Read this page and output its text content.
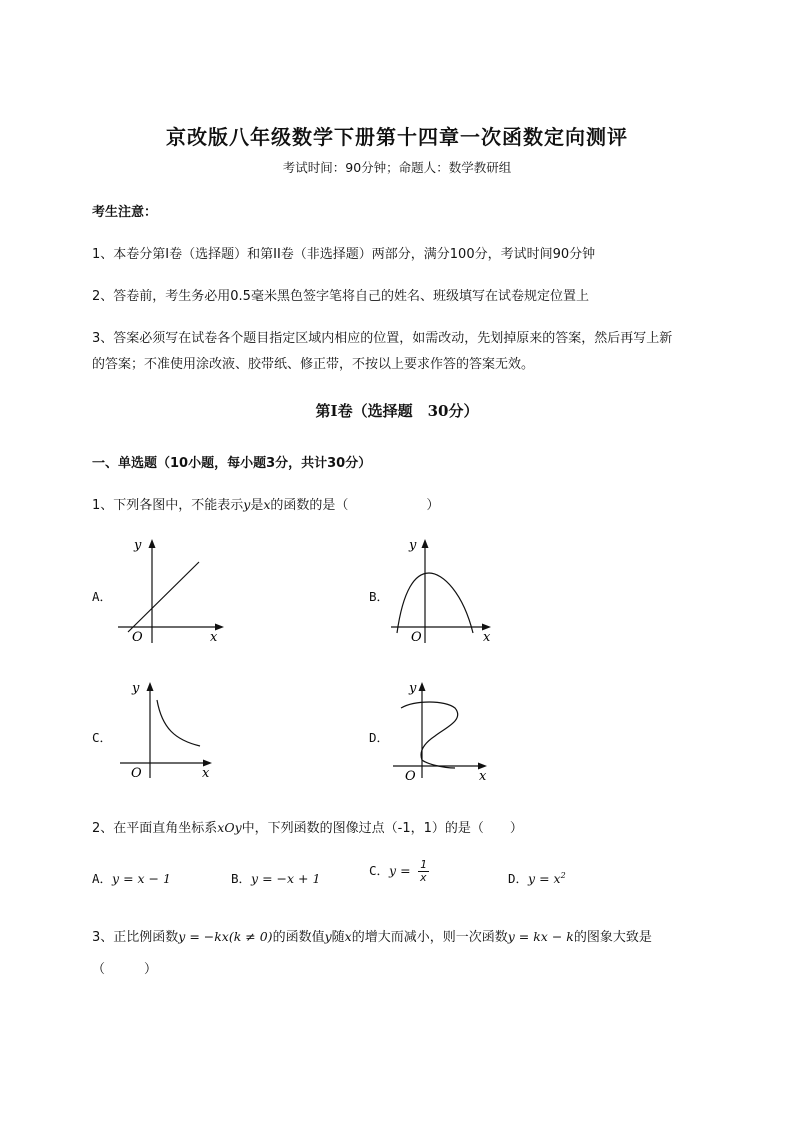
京改版八年级数学下册第十四章一次函数定向测评
考试时间：90分钟；命题人：数学教研组
考生注意：
1、本卷分第I卷（选择题）和第II卷（非选择题）两部分，满分100分，考试时间90分钟
2、答卷前，考生务必用0.5毫米黑色签字笔将自己的姓名、班级填写在试卷规定位置上
3、答案必须写在试卷各个题目指定区域内相应的位置，如需改动，先划掉原来的答案，然后再写上新
的答案；不准使用涂改液、胶带纸、修正带，不按以上要求作答的答案无效。
第I卷（选择题　30分）
一、单选题（10小题，每小题3分，共计30分）
1、下列各图中，不能表示y是x的函数的是（　　　　　　）
A．
y
x
O
B．
y
x
O
C．
y
x
O
D．
y
x
O
2、在平面直角坐标系xOy中，下列函数的图像过点（-1，1）的是（　　）
A．y = x − 1	B．y = −x + 1
C．$y = \frac{1}{x}$	D．$y = x^2$
3、正比例函数y = −kx(k ≠ 0)的函数值y随x的增大而减小，则一次函数y = kx − k的图象大致是
（　　　）
